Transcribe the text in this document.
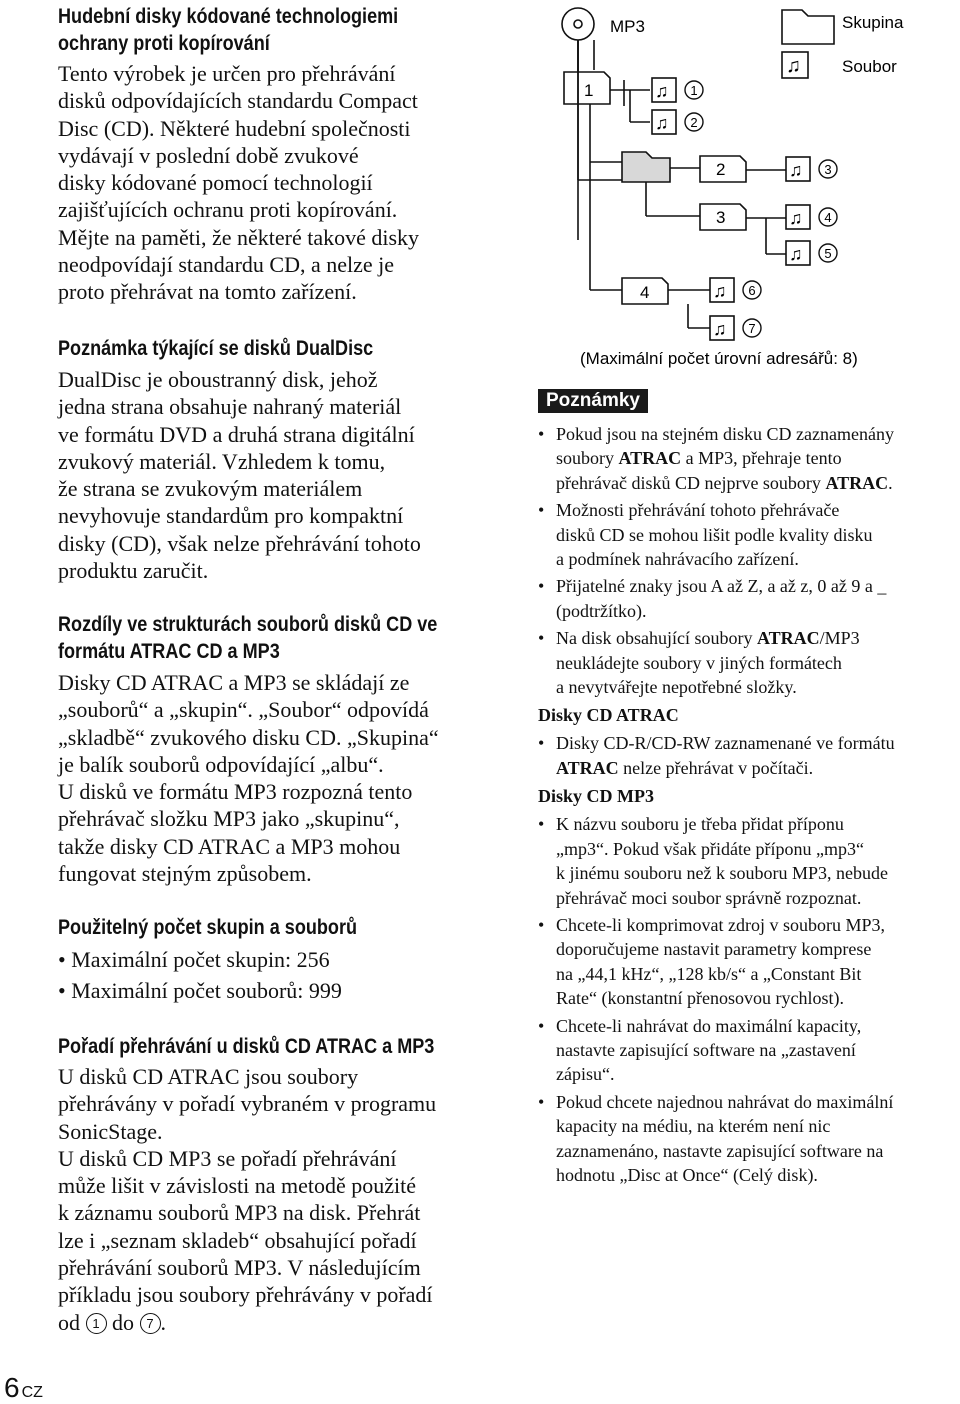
Hudební disky kódované technologiemi
ochrany proti kopírování
Tento výrobek je určen pro přehrávání
disků odpovídajících standardu Compact
Disc (CD). Některé hudební společnosti
vydávají v poslední době zvukové
disky kódované pomocí technologií
zajišťujících ochranu proti kopírování.
Mějte na paměti, že některé takové disky
neodpovídají standardu CD, a nelze je
proto přehrávat na tomto zařízení.
Poznámka týkající se disků DualDisc
DualDisc je oboustranný disk, jehož
jedna strana obsahuje nahraný materiál
ve formátu DVD a druhá strana digitální
zvukový materiál. Vzhledem k tomu,
že strana se zvukovým materiálem
nevyhovuje standardům pro kompaktní
disky (CD), však nelze přehrávání tohoto
produktu zaručit.
Rozdíly ve strukturách souborů disků CD ve
formátu ATRAC CD a MP3
Disky CD ATRAC a MP3 se skládají ze
„souborů“ a „skupin“. „Soubor“ odpovídá
„skladbě“ zvukového disku CD. „Skupina“
je balík souborů odpovídající „albu“.
U disků ve formátu MP3 rozpozná tento
přehrávač složku MP3 jako „skupinu“,
takže disky CD ATRAC a MP3 mohou
fungovat stejným způsobem.
Použitelný počet skupin a souborů
• Maximální počet skupin: 256
• Maximální počet souborů: 999
Pořadí přehrávání u disků CD ATRAC a MP3
U disků CD ATRAC jsou soubory
přehrávány v pořadí vybraném v programu
SonicStage.
U disků CD MP3 se pořadí přehrávání
může lišit v závislosti na metodě použité
k záznamu souborů MP3 na disk. Přehrát
lze i „seznam skladeb“ obsahující pořadí
přehrávání souborů MP3. V následujícím
příkladu jsou soubory přehrávány v pořadí
od 1 do 7 .
Skupina
♫ Soubor
MP3
1
2
3
4
♫
♫
♫
♫
♫
♫
♫
1
2
3
4
5
6
7
(Maximální počet úrovní adresářů: 8)
Poznámky
• Pokud jsou na stejném disku CD zaznamenány
soubory ATRAC a MP3, přehraje tento
přehrávač disků CD nejprve soubory ATRAC.
• Možnosti přehrávání tohoto přehrávače
disků CD se mohou lišit podle kvality disku
a podmínek nahrávacího zařízení.
• Přijatelné znaky jsou A až Z, a až z, 0 až 9 a _
(podtržítko).
• Na disk obsahující soubory ATRAC/MP3
neukládejte soubory v jiných formátech
a nevytvářejte nepotřebné složky.
Disky CD ATRAC
• Disky CD-R/CD-RW zaznamenané ve formátu
ATRAC nelze přehrávat v počítači.
Disky CD MP3
• K názvu souboru je třeba přidat příponu
„mp3“. Pokud však přidáte příponu „mp3“
k jinému souboru než k souboru MP3, nebude
přehrávač moci soubor správně rozpoznat.
• Chcete-li komprimovat zdroj v souboru MP3,
doporučujeme nastavit parametry komprese
na „44,1 kHz“, „128 kb/s“ a „Constant Bit
Rate“ (konstantní přenosovou rychlost).
• Chcete-li nahrávat do maximální kapacity,
nastavte zapisující software na „zastavení
zápisu“.
• Pokud chcete najednou nahrávat do maximální
kapacity na médiu, na kterém není nic
zaznamenáno, nastavte zapisující software na
hodnotu „Disc at Once“ (Celý disk).
6 CZ
